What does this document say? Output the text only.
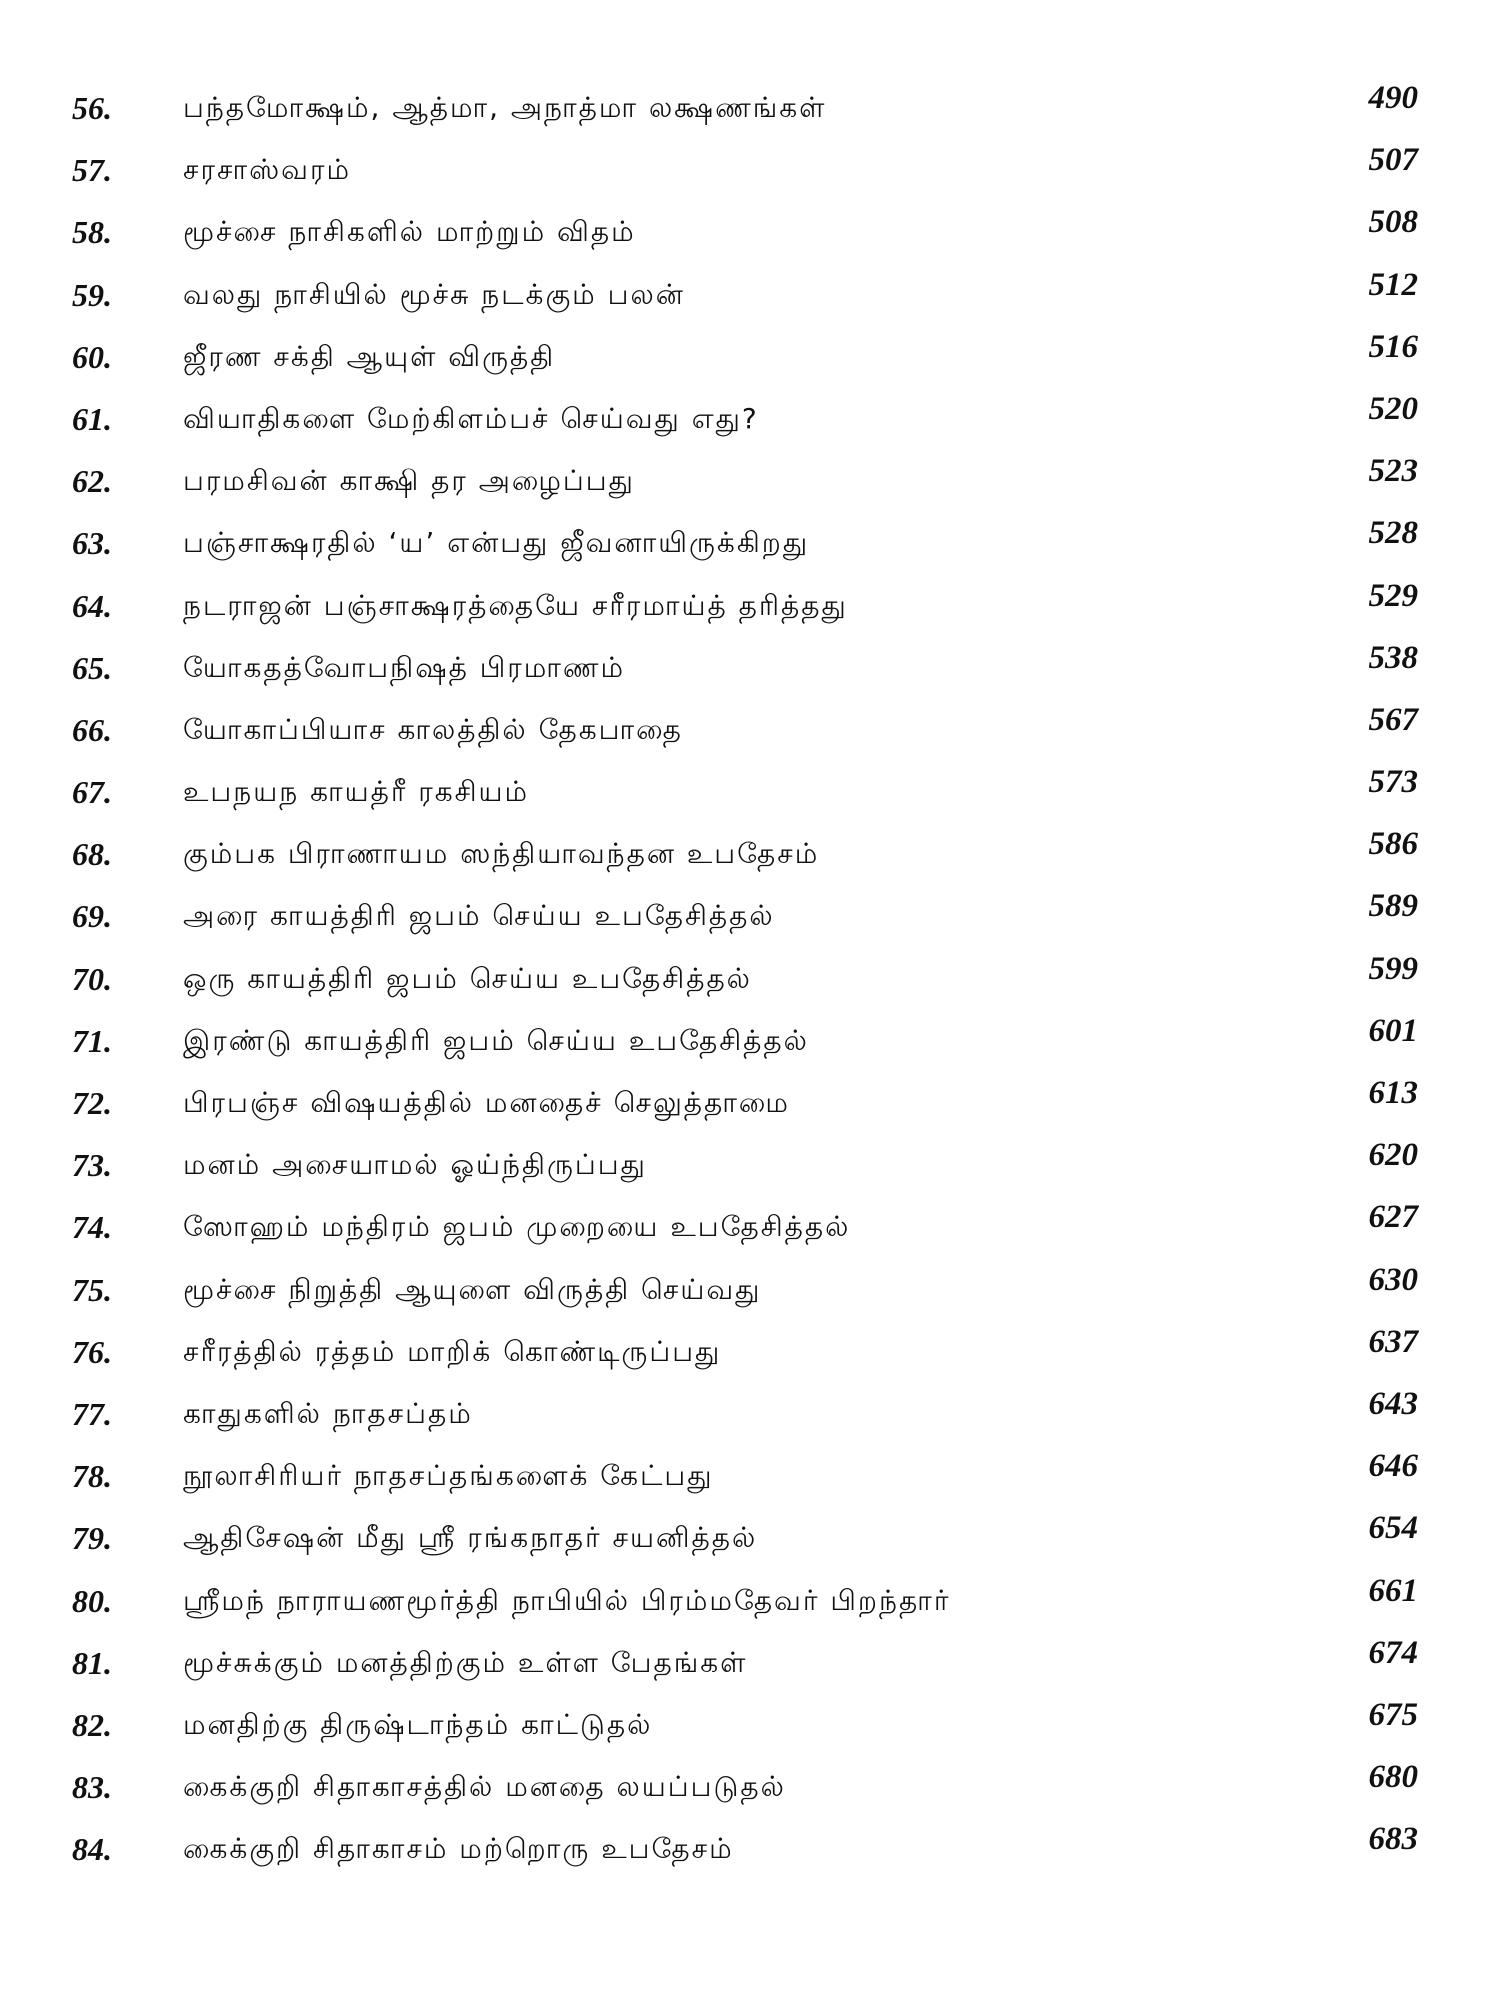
56.	பந்தமோக்ஷம், ஆத்மா, அநாத்மா லக்ஷணங்கள்	490
57.	சரசாஸ்வரம்	507
58.	மூச்சை நாசிகளில் மாற்றும் விதம்	508
59.	வலது நாசியில் மூச்சு நடக்கும் பலன்	512
60.	ஜீரண சக்தி ஆயுள் விருத்தி	516
61.	வியாதிகளை மேற்கிளம்பச் செய்வது எது?	520
62.	பரமசிவன் காக்ஷி தர அழைப்பது	523
63.	பஞ்சாக்ஷரதில் ‘ய’ என்பது ஜீவனாயிருக்கிறது	528
64.	நடராஜன் பஞ்சாக்ஷரத்தையே சரீரமாய்த் தரித்தது	529
65.	யோகதத்வோபநிஷத் பிரமாணம்	538
66.	யோகாப்பியாச காலத்தில் தேகபாதை	567
67.	உபநயந காயத்ரீ ரகசியம்	573
68.	கும்பக பிராணாயம ஸந்தியாவந்தன உபதேசம்	586
69.	அரை காயத்திரி ஜபம் செய்ய உபதேசித்தல்	589
70.	ஒரு காயத்திரி ஜபம் செய்ய உபதேசித்தல்	599
71.	இரண்டு காயத்திரி ஜபம் செய்ய உபதேசித்தல்	601
72.	பிரபஞ்ச விஷயத்தில் மனதைச் செலுத்தாமை	613
73.	மனம் அசையாமல் ஓய்ந்திருப்பது	620
74.	ஸோஹம் மந்திரம் ஜபம் முறையை உபதேசித்தல்	627
75.	மூச்சை நிறுத்தி ஆயுளை விருத்தி செய்வது	630
76.	சரீரத்தில் ரத்தம் மாறிக் கொண்டிருப்பது	637
77.	காதுகளில் நாதசப்தம்	643
78.	நூலாசிரியர் நாதசப்தங்களைக் கேட்பது	646
79.	ஆதிசேஷன் மீது ஸ்ரீ ரங்கநாதர் சயனித்தல்	654
80.	ஸ்ரீமந் நாராயணமூர்த்தி நாபியில் பிரம்மதேவர் பிறந்தார்	661
81.	மூச்சுக்கும் மனத்திற்கும் உள்ள பேதங்கள்	674
82.	மனதிற்கு திருஷ்டாந்தம் காட்டுதல்	675
83.	கைக்குறி சிதாகாசத்தில் மனதை லயப்படுதல்	680
84.	கைக்குறி சிதாகாசம் மற்றொரு உபதேசம்	683
